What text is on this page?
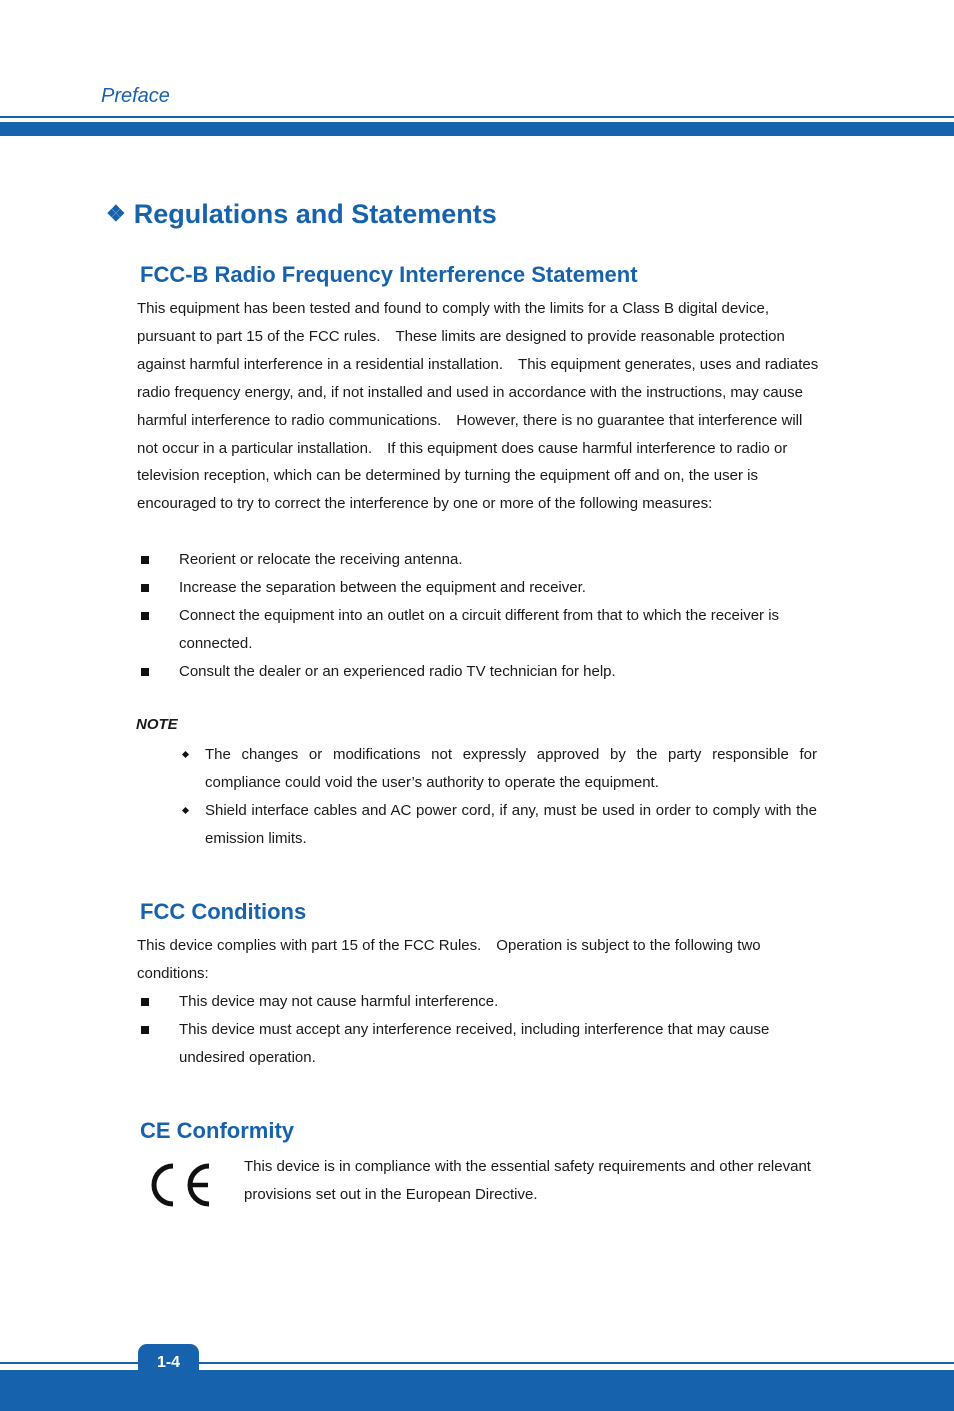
Preface
❖ Regulations and Statements
FCC-B Radio Frequency Interference Statement
This equipment has been tested and found to comply with the limits for a Class B digital device, pursuant to part 15 of the FCC rules.　These limits are designed to provide reasonable protection against harmful interference in a residential installation.　This equipment generates, uses and radiates radio frequency energy, and, if not installed and used in accordance with the instructions, may cause harmful interference to radio communications.　However, there is no guarantee that interference will not occur in a particular installation.　If this equipment does cause harmful interference to radio or television reception, which can be determined by turning the equipment off and on, the user is encouraged to try to correct the interference by one or more of the following measures:
Reorient or relocate the receiving antenna.
Increase the separation between the equipment and receiver.
Connect the equipment into an outlet on a circuit different from that to which the receiver is connected.
Consult the dealer or an experienced radio TV technician for help.
NOTE
The changes or modifications not expressly approved by the party responsible for compliance could void the user’s authority to operate the equipment.
Shield interface cables and AC power cord, if any, must be used in order to comply with the emission limits.
FCC Conditions
This device complies with part 15 of the FCC Rules.　Operation is subject to the following two conditions:
This device may not cause harmful interference.
This device must accept any interference received, including interference that may cause undesired operation.
CE Conformity
This device is in compliance with the essential safety requirements and other relevant provisions set out in the European Directive.
1-4
